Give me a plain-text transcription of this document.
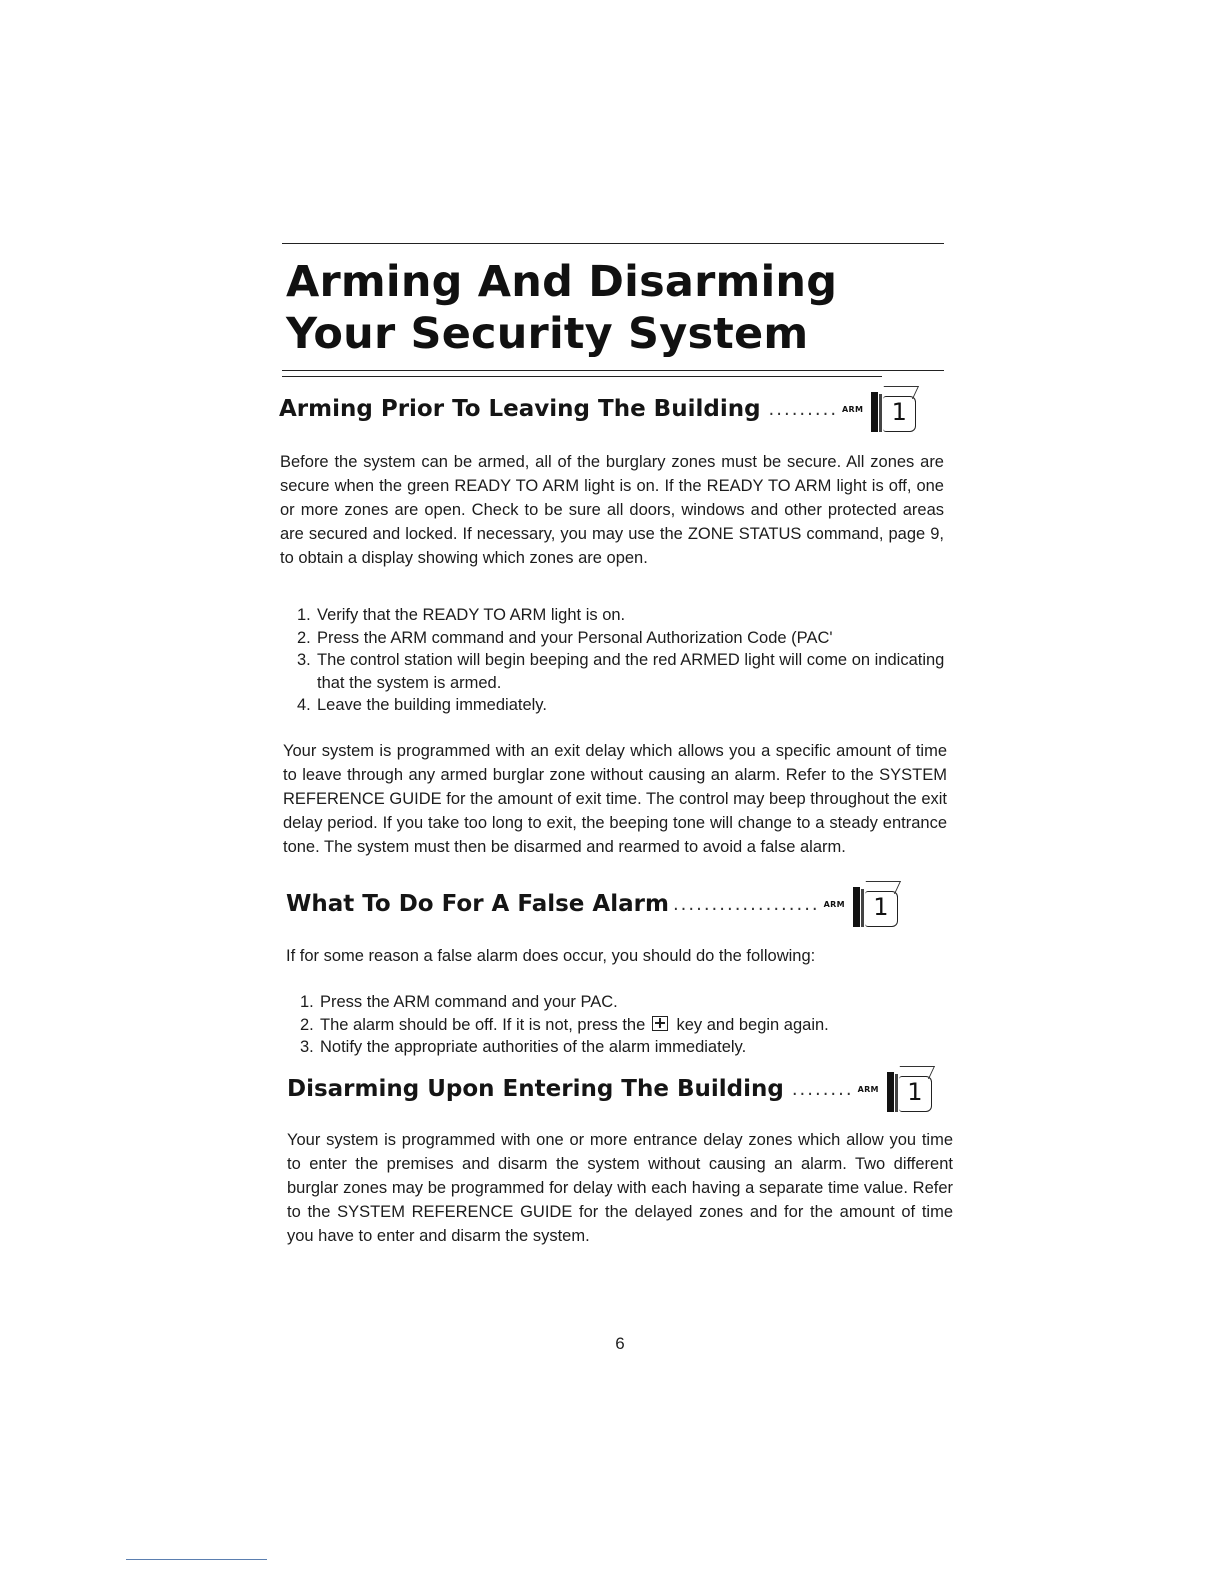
Arming And Disarming
Your Security System
Arming Prior To Leaving The Building ......... ARM	1

Before the system can be armed, all of the burglary zones must be secure. All zones are secure when the green READY TO ARM light is on. If the READY TO ARM light is off, one or more zones are open. Check to be sure all doors, windows and other protected areas are secured and locked. If necessary, you may use the ZONE STATUS command, page 9, to obtain a display showing which zones are open.

1. Verify that the READY TO ARM light is on.
2. Press the ARM command and your Personal Authorization Code (PAC'
3. The control station will begin beeping and the red ARMED light will come on indicating that the system is armed.
4. Leave the building immediately.

Your system is programmed with an exit delay which allows you a specific amount of time to leave through any armed burglar zone without causing an alarm. Refer to the SYSTEM REFERENCE GUIDE for the amount of exit time. The control may beep throughout the exit delay period. If you take too long to exit, the beeping tone will change to a steady entrance tone. The system must then be disarmed and rearmed to avoid a false alarm.

What To Do For A False Alarm ................... ARM	1

If for some reason a false alarm does occur, you should do the following:

1. Press the ARM command and your PAC.
2. The alarm should be off. If it is not, press the key and begin again.
3. Notify the appropriate authorities of the alarm immediately.
Disarming Upon Entering The Building ........ ARM	1

Your system is programmed with one or more entrance delay zones which allow you time to enter the premises and disarm the system without causing an alarm. Two different burglar zones may be programmed for delay with each having a separate time value. Refer to the SYSTEM REFERENCE GUIDE for the delayed zones and for the amount of time you have to enter and disarm the system.

6
